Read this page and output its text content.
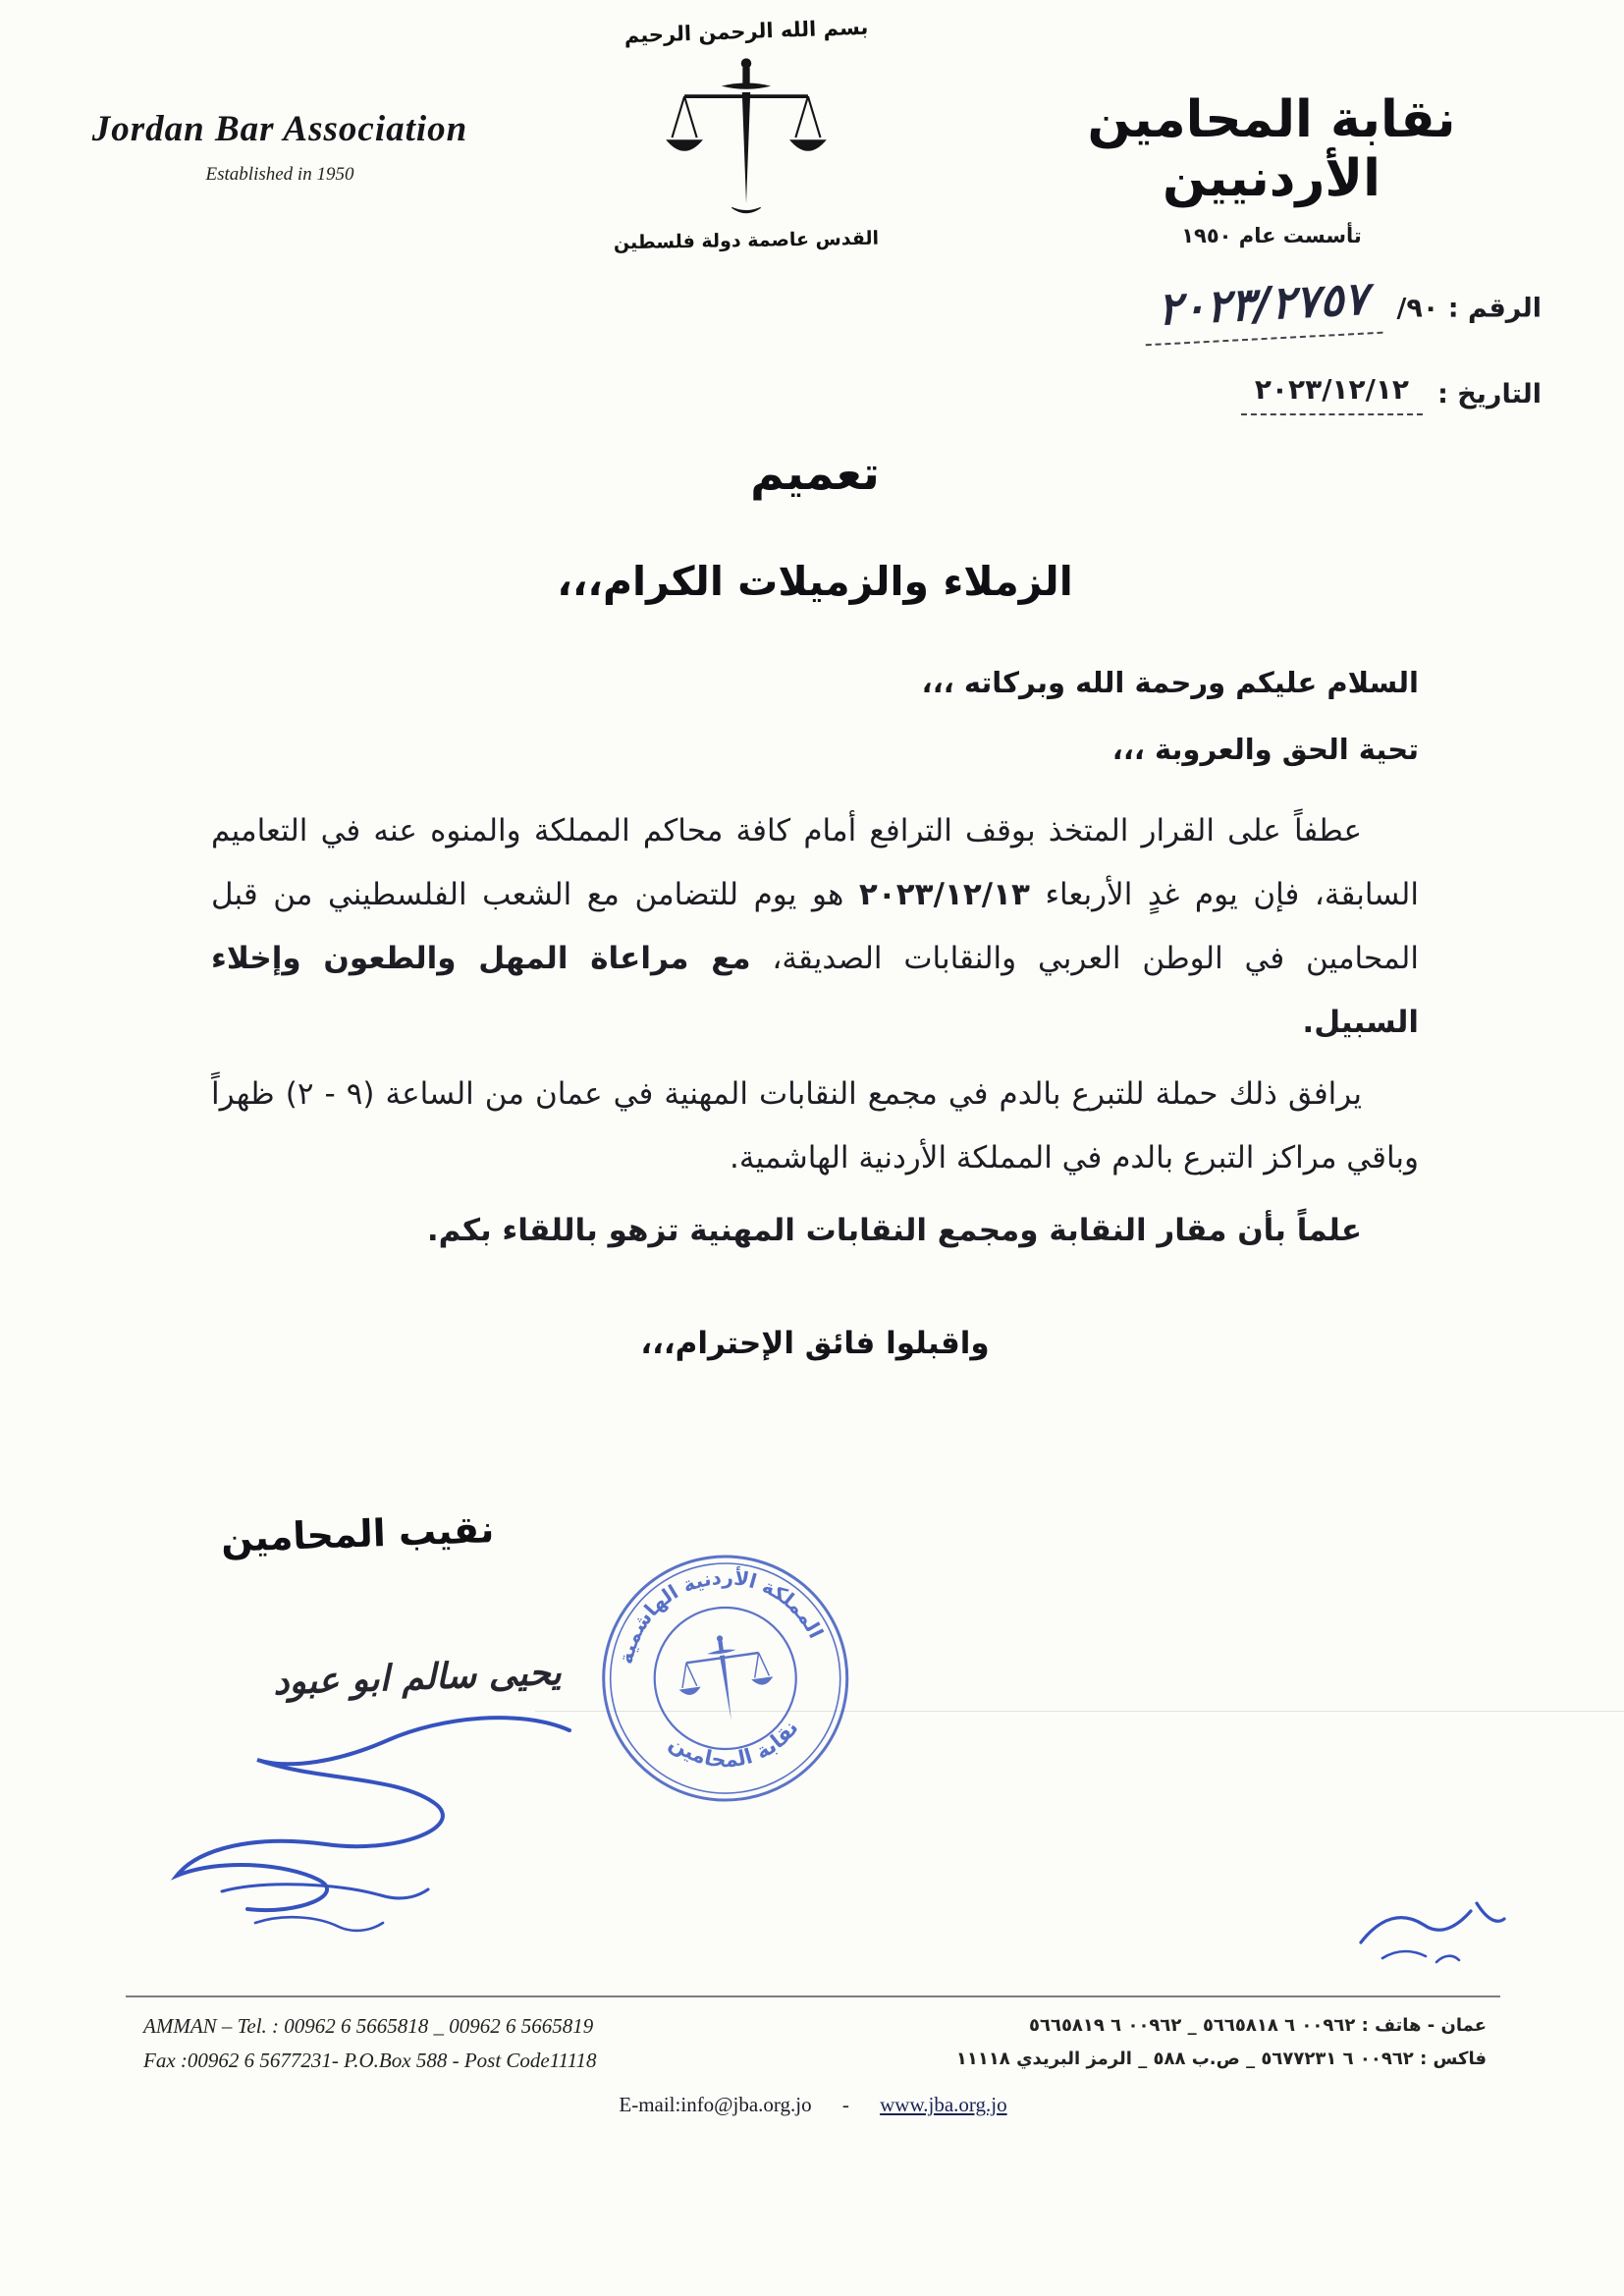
Jordan Bar Association
Established in 1950
بسم الله الرحمن الرحيم
القدس عاصمة دولة فلسطين
نقابة المحامين الأردنيين
تأسست عام ١٩٥٠
الرقم : ٩٠/ ٢٠٢٣/٢٧٥٧
التاريخ : ٢٠٢٣/١٢/١٢
تعميم
الزملاء والزميلات الكرام،،،

السلام عليكم ورحمة الله وبركاته ،،،

تحية الحق والعروبة ،،،

عطفاً على القرار المتخذ بوقف الترافع أمام كافة محاكم المملكة والمنوه عنه في التعاميم السابقة، فإن يوم غدٍ الأربعاء ٢٠٢٣/١٢/١٣ هو يوم للتضامن مع الشعب الفلسطيني من قبل المحامين في الوطن العربي والنقابات الصديقة، مع مراعاة المهل والطعون وإخلاء السبيل.

يرافق ذلك حملة للتبرع بالدم في مجمع النقابات المهنية في عمان من الساعة (٩ - ٢) ظهراً وباقي مراكز التبرع بالدم في المملكة الأردنية الهاشمية.

علماً بأن مقار النقابة ومجمع النقابات المهنية تزهو باللقاء بكم.

واقبلوا فائق الإحترام،،،

نقيب المحامين
يحيى سالم ابو عبود	المملكة الأردنية الهاشمية
نقابة المحامين
AMMAN – Tel. : 00962 6 5665818 _ 00962 6 5665819
Fax :00962 6 5677231- P.O.Box 588 - Post Code11118
عمان - هاتف : ٠٠٩٦٢ ٦ ٥٦٦٥٨١٨ _ ٠٠٩٦٢ ٦ ٥٦٦٥٨١٩
فاكس : ٠٠٩٦٢ ٦ ٥٦٧٧٢٣١ _ ص.ب ٥٨٨ _ الرمز البريدي ١١١١٨
E-mail:info@jba.org.jo - www.jba.org.jo
